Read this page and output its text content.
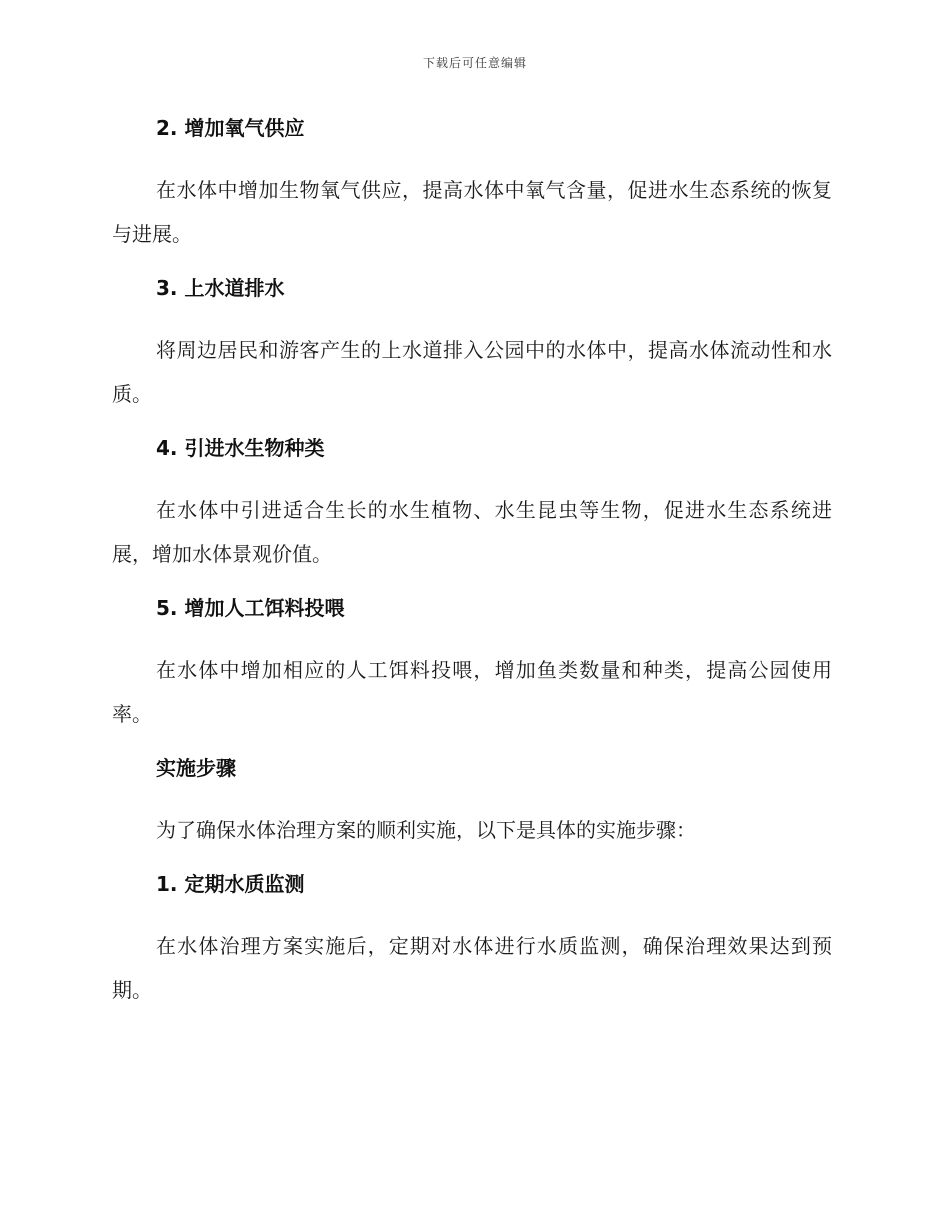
下载后可任意编辑
2. 增加氧气供应

在水体中增加生物氧气供应，提高水体中氧气含量，促进水生态系统的恢复与进展。

3. 上水道排水

将周边居民和游客产生的上水道排入公园中的水体中，提高水体流动性和水质。

4. 引进水生物种类

在水体中引进适合生长的水生植物、水生昆虫等生物，促进水生态系统进展，增加水体景观价值。

5. 增加人工饵料投喂

在水体中增加相应的人工饵料投喂，增加鱼类数量和种类，提高公园使用率。

实施步骤

为了确保水体治理方案的顺利实施，以下是具体的实施步骤：

1. 定期水质监测

在水体治理方案实施后，定期对水体进行水质监测，确保治理效果达到预期。
